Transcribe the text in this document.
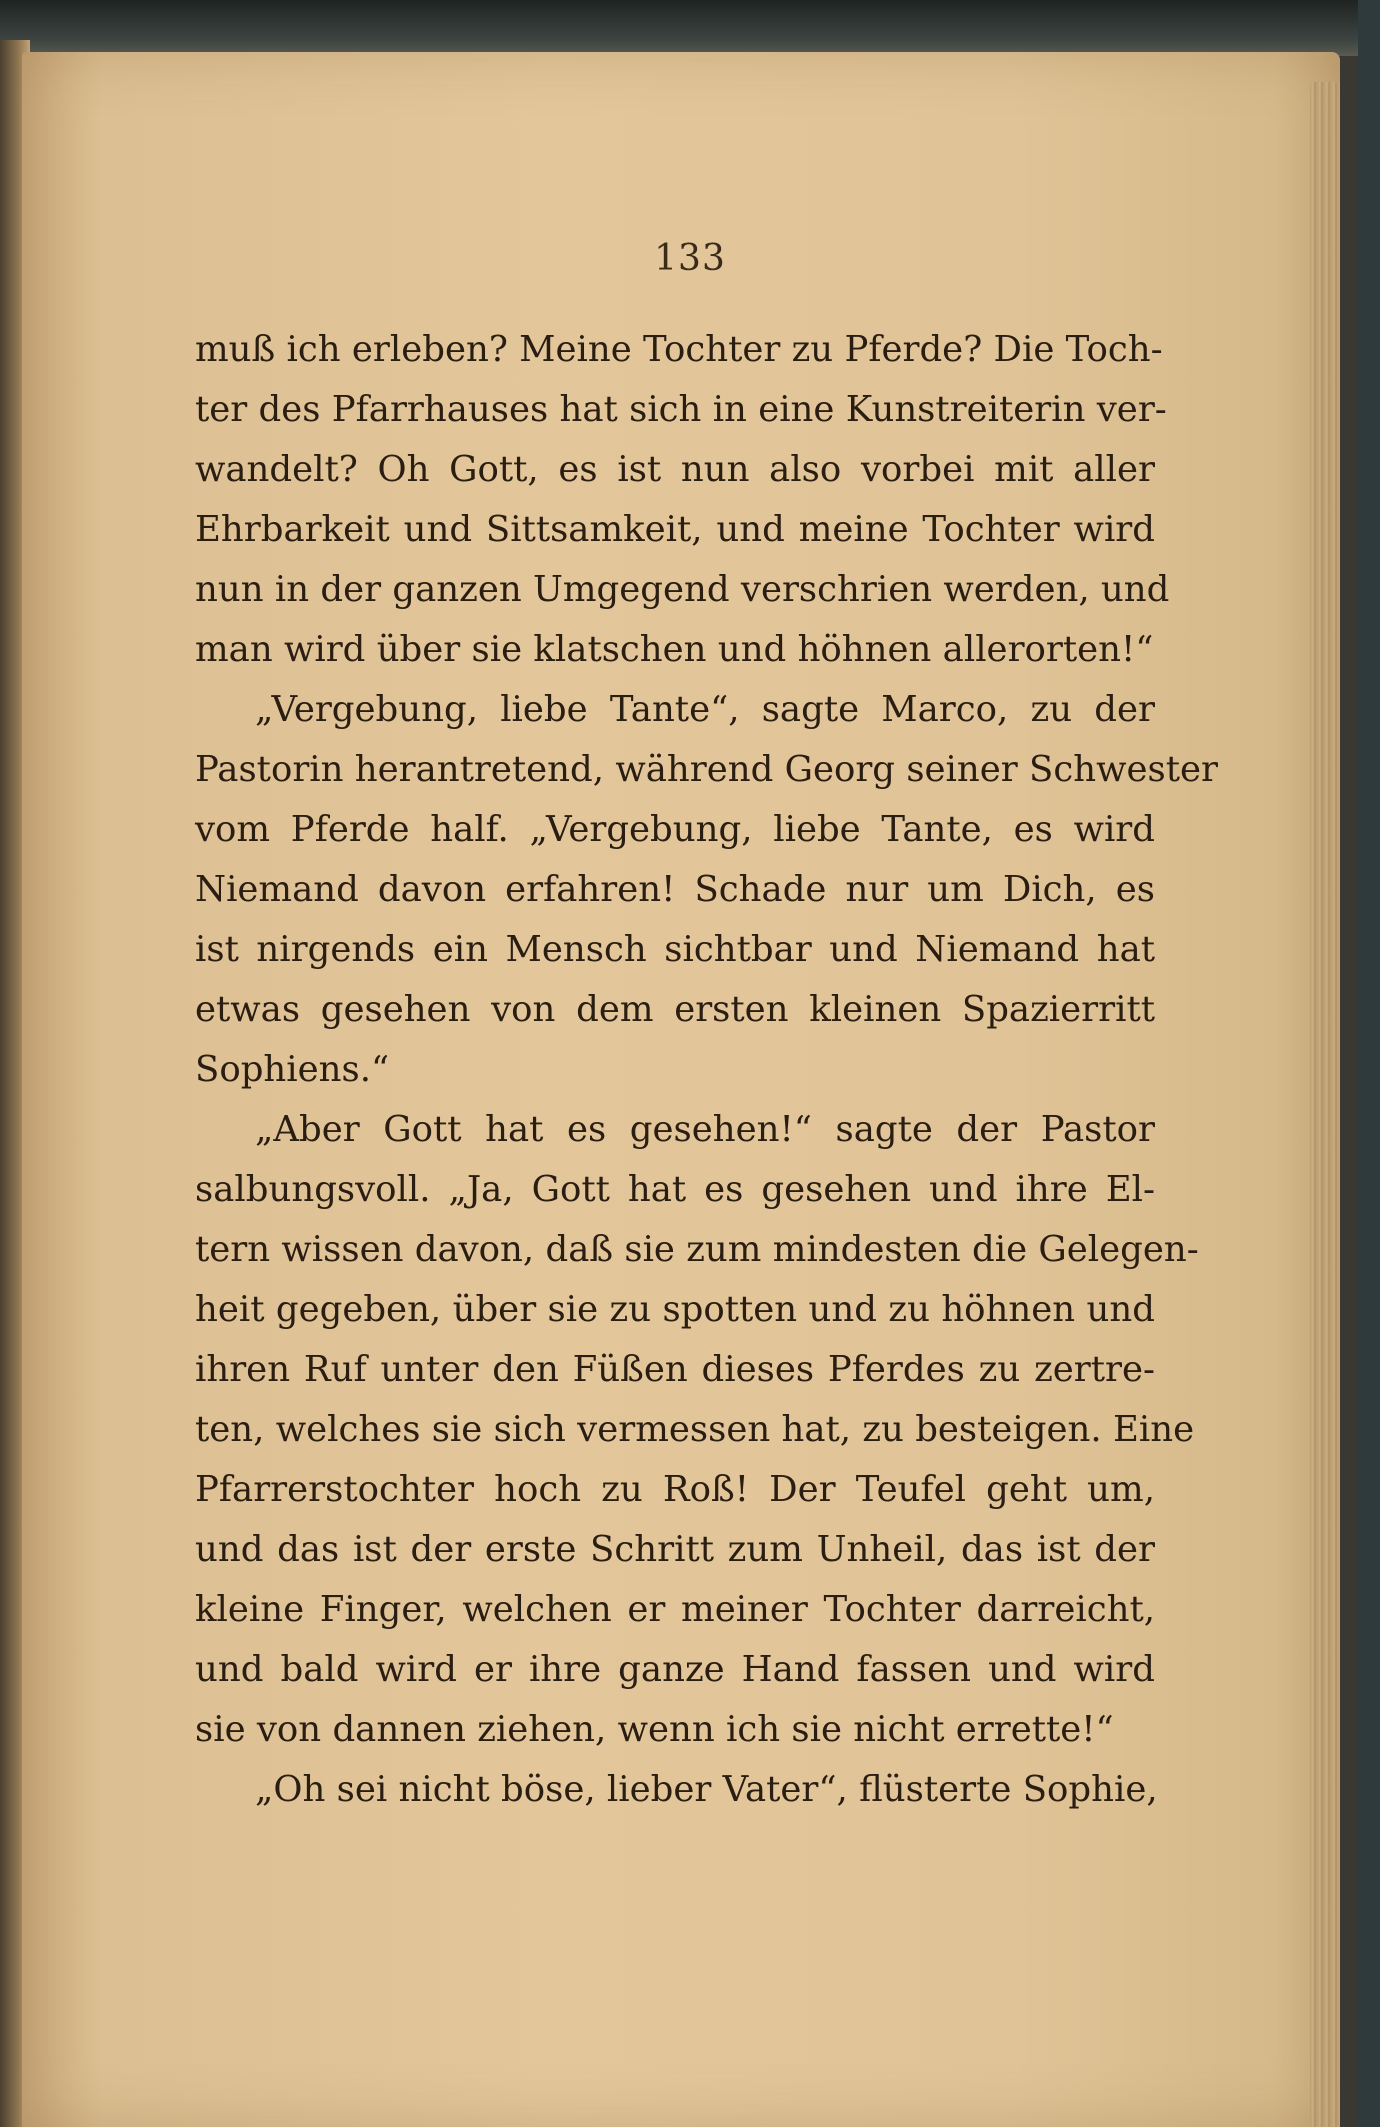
133
muß ich erleben? Meine Tochter zu Pferde? Die Toch-
ter des Pfarrhauses hat sich in eine Kunstreiterin ver-
wandelt? Oh Gott, es ist nun also vorbei mit aller
Ehrbarkeit und Sittsamkeit, und meine Tochter wird
nun in der ganzen Umgegend verschrien werden, und
man wird über sie klatschen und höhnen allerorten!“
„Vergebung, liebe Tante“, sagte Marco, zu der
Pastorin herantretend, während Georg seiner Schwester
vom Pferde half. „Vergebung, liebe Tante, es wird
Niemand davon erfahren! Schade nur um Dich, es
ist nirgends ein Mensch sichtbar und Niemand hat
etwas gesehen von dem ersten kleinen Spazierritt
Sophiens.“
„Aber Gott hat es gesehen!“ sagte der Pastor
salbungsvoll. „Ja, Gott hat es gesehen und ihre El-
tern wissen davon, daß sie zum mindesten die Gelegen-
heit gegeben, über sie zu spotten und zu höhnen und
ihren Ruf unter den Füßen dieses Pferdes zu zertre-
ten, welches sie sich vermessen hat, zu besteigen. Eine
Pfarrerstochter hoch zu Roß! Der Teufel geht um,
und das ist der erste Schritt zum Unheil, das ist der
kleine Finger, welchen er meiner Tochter darreicht,
und bald wird er ihre ganze Hand fassen und wird
sie von dannen ziehen, wenn ich sie nicht errette!“
„Oh sei nicht böse, lieber Vater“, flüsterte Sophie,
